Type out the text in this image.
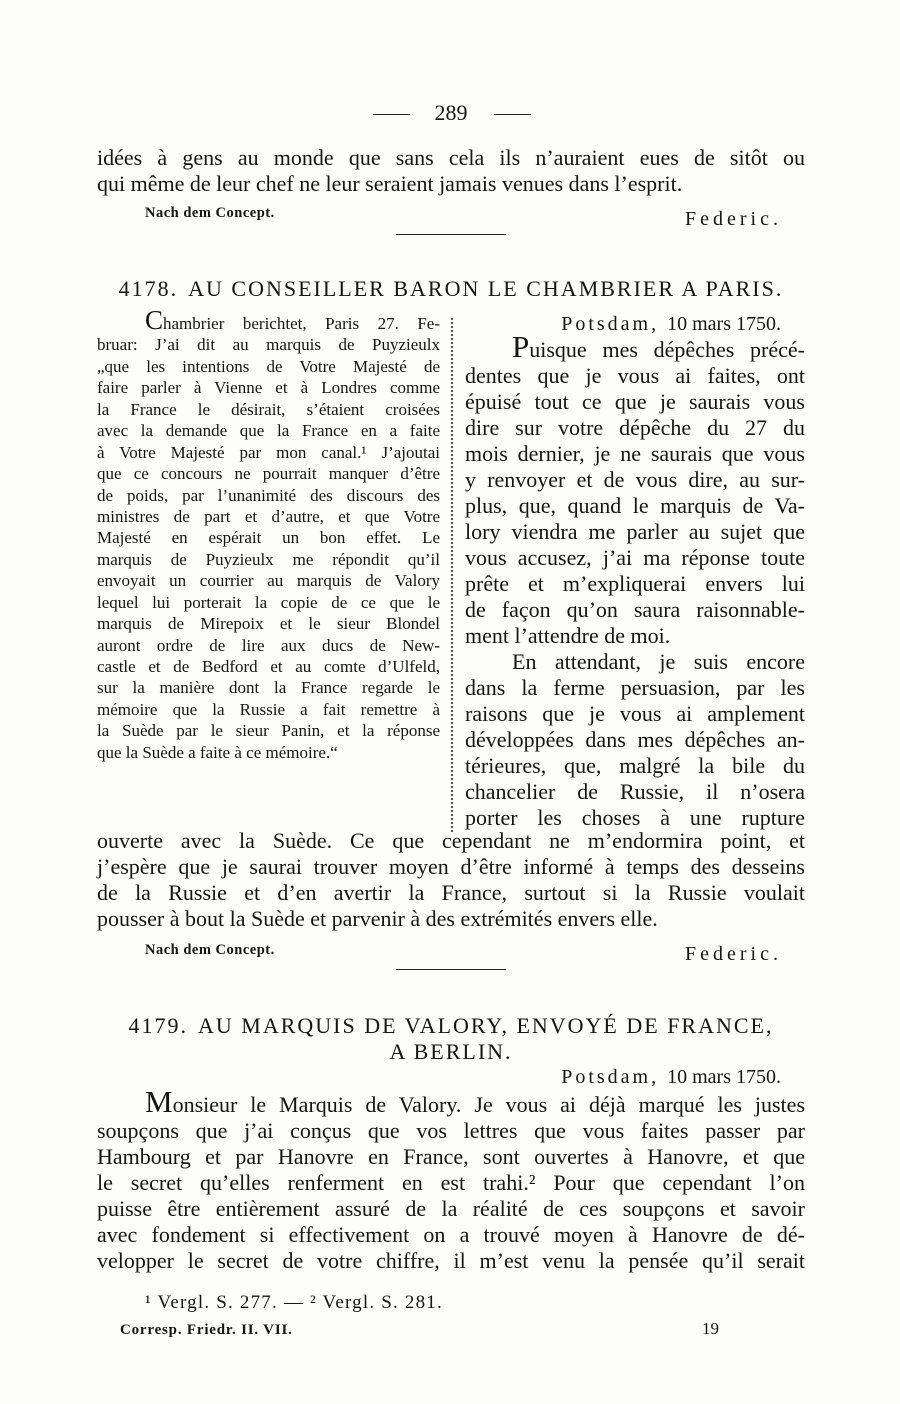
289
idées à gens au monde que sans cela ils n’auraient eues de sitôt ou
qui même de leur chef ne leur seraient jamais venues dans l’esprit.
Nach dem Concept.	Federic.
4178. AU CONSEILLER BARON LE CHAMBRIER A PARIS.
Chambrier berichtet, Paris 27. Fe-
bruar: J’ai dit au marquis de Puyzieulx
„que les intentions de Votre Majesté de
faire parler à Vienne et à Londres comme
la France le désirait, s’étaient croisées
avec la demande que la France en a faite
à Votre Majesté par mon canal.¹ J’ajoutai
que ce concours ne pourrait manquer d’être
de poids, par l’unanimité des discours des
ministres de part et d’autre, et que Votre
Majesté en espérait un bon effet. Le
marquis de Puyzieulx me répondit qu’il
envoyait un courrier au marquis de Valory
lequel lui porterait la copie de ce que le
marquis de Mirepoix et le sieur Blondel
auront ordre de lire aux ducs de New-
castle et de Bedford et au comte d’Ulfeld,
sur la manière dont la France regarde le
mémoire que la Russie a fait remettre à
la Suède par le sieur Panin, et la réponse
que la Suède a faite à ce mémoire.“
Potsdam, 10 mars 1750.
Puisque mes dépêches précé-
dentes que je vous ai faites, ont
épuisé tout ce que je saurais vous
dire sur votre dépêche du 27 du
mois dernier, je ne saurais que vous
y renvoyer et de vous dire, au sur-
plus, que, quand le marquis de Va-
lory viendra me parler au sujet que
vous accusez, j’ai ma réponse toute
prête et m’expliquerai envers lui
de façon qu’on saura raisonnable-
ment l’attendre de moi.
En attendant, je suis encore
dans la ferme persuasion, par les
raisons que je vous ai amplement
développées dans mes dépêches an-
térieures, que, malgré la bile du
chancelier de Russie, il n’osera
porter les choses à une rupture
ouverte avec la Suède. Ce que cependant ne m’endormira point, et
j’espère que je saurai trouver moyen d’être informé à temps des desseins
de la Russie et d’en avertir la France, surtout si la Russie voulait
pousser à bout la Suède et parvenir à des extrémités envers elle.
Nach dem Concept.	Federic.
4179. AU MARQUIS DE VALORY, ENVOYÉ DE FRANCE,
A BERLIN.
Potsdam, 10 mars 1750.
Monsieur le Marquis de Valory. Je vous ai déjà marqué les justes
soupçons que j’ai conçus que vos lettres que vous faites passer par
Hambourg et par Hanovre en France, sont ouvertes à Hanovre, et que
le secret qu’elles renferment en est trahi.² Pour que cependant l’on
puisse être entièrement assuré de la réalité de ces soupçons et savoir
avec fondement si effectivement on a trouvé moyen à Hanovre de dé-
velopper le secret de votre chiffre, il m’est venu la pensée qu’il serait
¹ Vergl. S. 277. — ² Vergl. S. 281.
Corresp. Friedr. II. VII.	19
